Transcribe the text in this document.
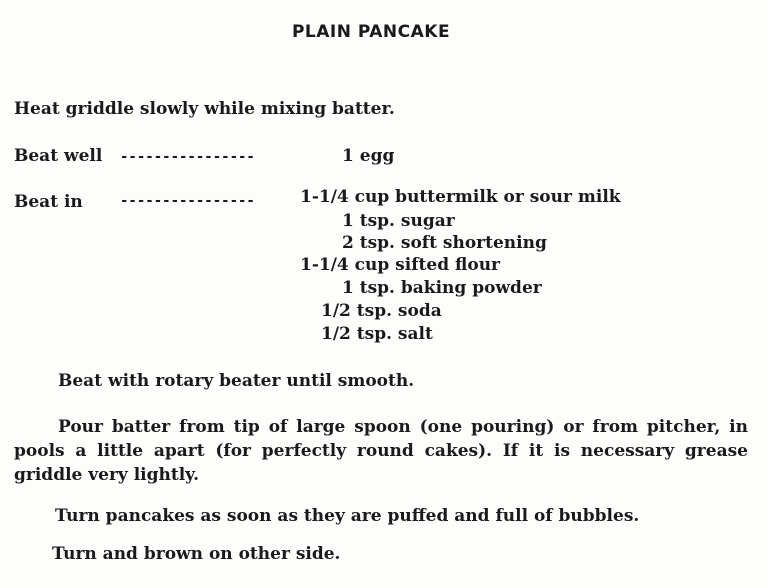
PLAIN PANCAKE
Heat griddle slowly while mixing batter.
Beat well ----------------	1 egg
Beat in	----------------	1-1/4 cup buttermilk or sour milk
1 tsp. sugar
2 tsp. soft shortening
1-1/4 cup sifted flour
1 tsp. baking powder
1/2 tsp. soda
1/2 tsp. salt
Beat with rotary beater until smooth.
Pour batter from tip of large spoon (one pouring) or from pitcher, in pools a little apart (for perfectly round cakes). If it is necessary grease griddle very lightly.
Turn pancakes as soon as they are puffed and full of bubbles.
Turn and brown on other side.
